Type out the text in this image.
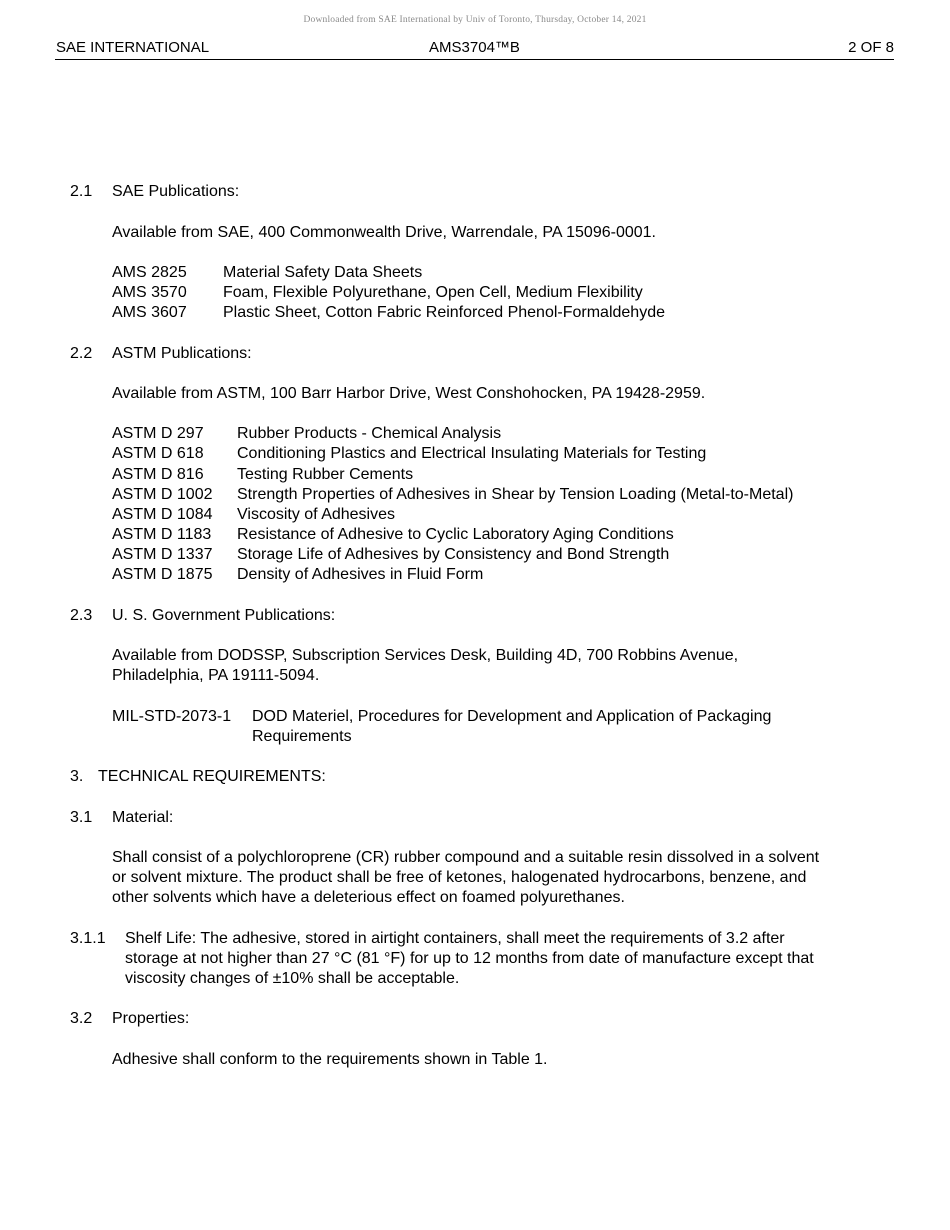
Downloaded from SAE International by Univ of Toronto, Thursday, October 14, 2021
SAE INTERNATIONAL	AMS3704™B	2 OF 8
2.1 SAE Publications:
Available from SAE, 400 Commonwealth Drive, Warrendale, PA 15096-0001.
AMS 2825 Material Safety Data Sheets
AMS 3570 Foam, Flexible Polyurethane, Open Cell, Medium Flexibility
AMS 3607 Plastic Sheet, Cotton Fabric Reinforced Phenol-Formaldehyde
2.2 ASTM Publications:
Available from ASTM, 100 Barr Harbor Drive, West Conshohocken, PA 19428-2959.
ASTM D 297 Rubber Products - Chemical Analysis
ASTM D 618 Conditioning Plastics and Electrical Insulating Materials for Testing
ASTM D 816 Testing Rubber Cements
ASTM D 1002 Strength Properties of Adhesives in Shear by Tension Loading (Metal-to-Metal)
ASTM D 1084 Viscosity of Adhesives
ASTM D 1183 Resistance of Adhesive to Cyclic Laboratory Aging Conditions
ASTM D 1337 Storage Life of Adhesives by Consistency and Bond Strength
ASTM D 1875 Density of Adhesives in Fluid Form
2.3 U. S. Government Publications:
Available from DODSSP, Subscription Services Desk, Building 4D, 700 Robbins Avenue,
Philadelphia, PA 19111-5094.
MIL-STD-2073-1 DOD Materiel, Procedures for Development and Application of Packaging
Requirements
3. TECHNICAL REQUIREMENTS:
3.1 Material:
Shall consist of a polychloroprene (CR) rubber compound and a suitable resin dissolved in a solvent
or solvent mixture. The product shall be free of ketones, halogenated hydrocarbons, benzene, and
other solvents which have a deleterious effect on foamed polyurethanes.
3.1.1 Shelf Life: The adhesive, stored in airtight containers, shall meet the requirements of 3.2 after
storage at not higher than 27 °C (81 °F) for up to 12 months from date of manufacture except that
viscosity changes of ±10% shall be acceptable.
3.2 Properties:
Adhesive shall conform to the requirements shown in Table 1.
